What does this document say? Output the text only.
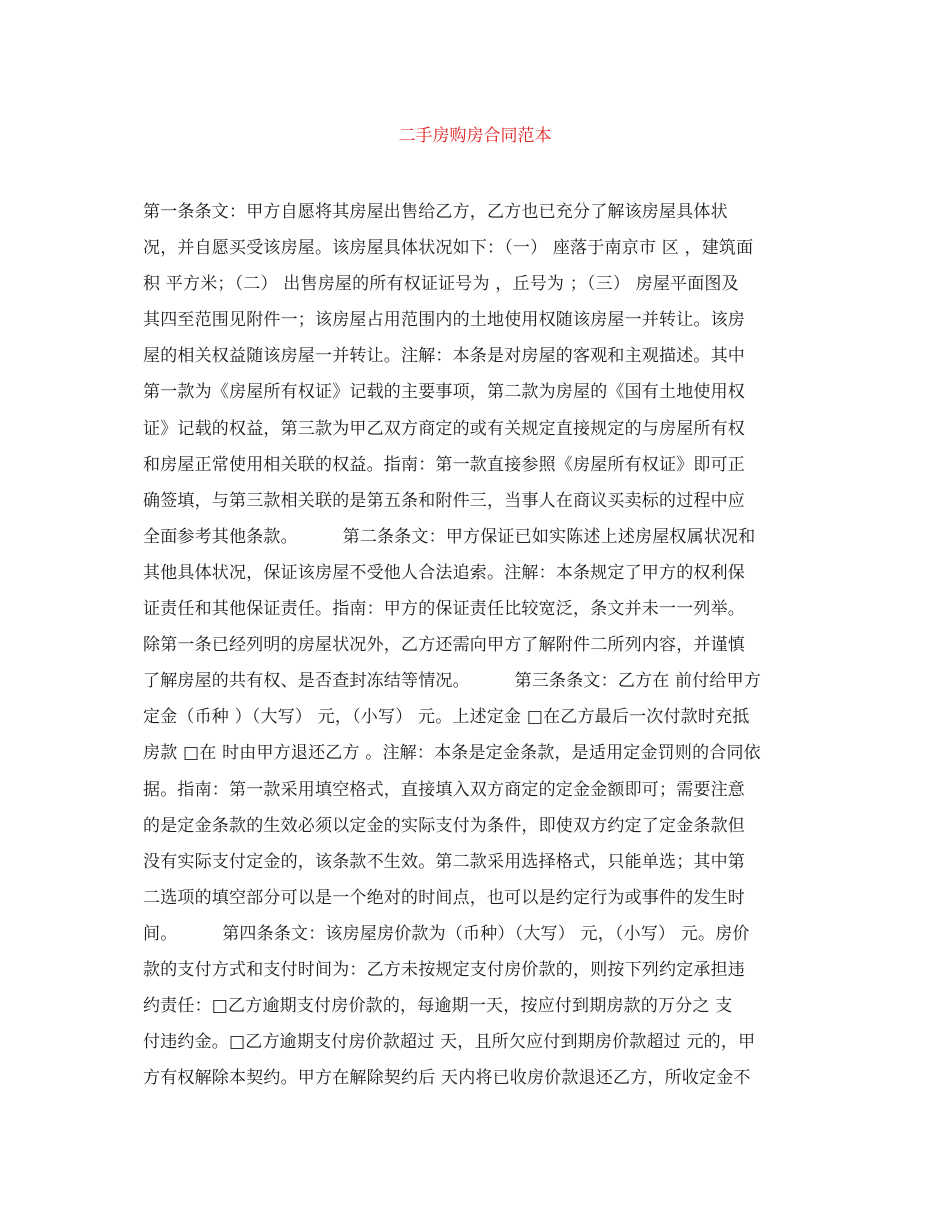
二手房购房合同范本
第一条条文：甲方自愿将其房屋出售给乙方，乙方也已充分了解该房屋具体状
况，并自愿买受该房屋。该房屋具体状况如下：（一） 座落于南京市 区 ，建筑面
积 平方米；（二） 出售房屋的所有权证证号为 ，丘号为 ；（三） 房屋平面图及
其四至范围见附件一；该房屋占用范围内的土地使用权随该房屋一并转让。该房
屋的相关权益随该房屋一并转让。注解：本条是对房屋的客观和主观描述。其中
第一款为《房屋所有权证》记载的主要事项，第二款为房屋的《国有土地使用权
证》记载的权益，第三款为甲乙双方商定的或有关规定直接规定的与房屋所有权
和房屋正常使用相关联的权益。指南：第一款直接参照《房屋所有权证》即可正
确签填，与第三款相关联的是第五条和附件三，当事人在商议买卖标的过程中应
全面参考其他条款。        第二条条文：甲方保证已如实陈述上述房屋权属状况和
其他具体状况，保证该房屋不受他人合法追索。注解：本条规定了甲方的权利保
证责任和其他保证责任。指南：甲方的保证责任比较宽泛，条文并未一一列举。
除第一条已经列明的房屋状况外，乙方还需向甲方了解附件二所列内容，并谨慎
了解房屋的共有权、是否查封冻结等情况。        第三条条文：乙方在 前付给甲方
定金（币种 ）（大写） 元，（小写） 元。上述定金 □在乙方最后一次付款时充抵
房款 □在 时由甲方退还乙方 。注解：本条是定金条款，是适用定金罚则的合同依
据。指南：第一款采用填空格式，直接填入双方商定的定金金额即可；需要注意
的是定金条款的生效必须以定金的实际支付为条件，即使双方约定了定金条款但
没有实际支付定金的，该条款不生效。第二款采用选择格式，只能单选；其中第
二选项的填空部分可以是一个绝对的时间点，也可以是约定行为或事件的发生时
间。        第四条条文：该房屋房价款为（币种）（大写） 元，（小写） 元。房价
款的支付方式和支付时间为：乙方未按规定支付房价款的，则按下列约定承担违
约责任：□乙方逾期支付房价款的，每逾期一天，按应付到期房款的万分之 支
付违约金。□乙方逾期支付房价款超过 天，且所欠应付到期房价款超过 元的，甲
方有权解除本契约。甲方在解除契约后 天内将已收房价款退还乙方，所收定金不
